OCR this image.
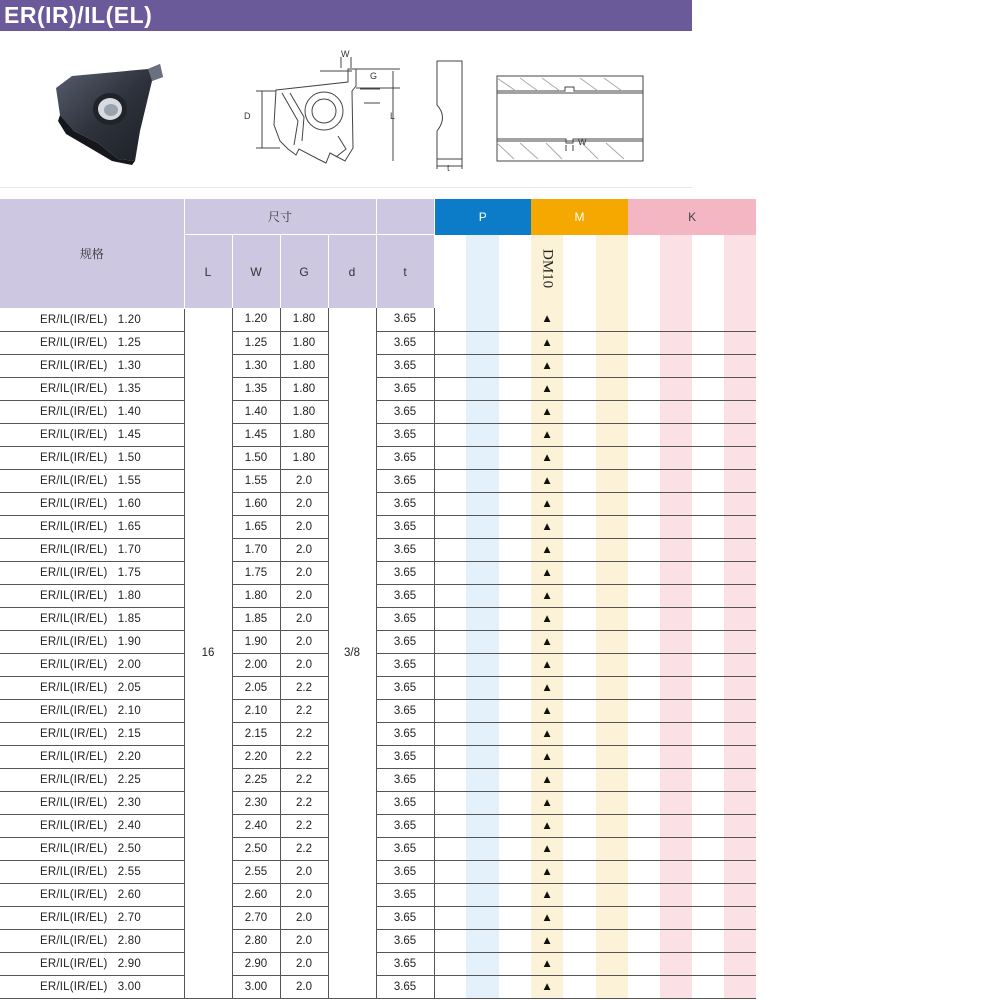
ER(IR)/IL(EL)
W
G
D	L
t
W
规格	尺寸					P			M			K			
	L	W	G	d	t				DM10						
ER/IL(IR/EL)   1.20	16	1.20	1.80	3/8	3.65				▲						
ER/IL(IR/EL)   1.25		1.25	1.80		3.65				▲						
ER/IL(IR/EL)   1.30		1.30	1.80		3.65				▲						
ER/IL(IR/EL)   1.35		1.35	1.80		3.65				▲						
ER/IL(IR/EL)   1.40		1.40	1.80		3.65				▲						
ER/IL(IR/EL)   1.45		1.45	1.80		3.65				▲						
ER/IL(IR/EL)   1.50		1.50	1.80		3.65				▲						
ER/IL(IR/EL)   1.55		1.55	2.0		3.65				▲						
ER/IL(IR/EL)   1.60		1.60	2.0		3.65				▲						
ER/IL(IR/EL)   1.65		1.65	2.0		3.65				▲						
ER/IL(IR/EL)   1.70		1.70	2.0		3.65				▲						
ER/IL(IR/EL)   1.75		1.75	2.0		3.65				▲						
ER/IL(IR/EL)   1.80		1.80	2.0		3.65				▲						
ER/IL(IR/EL)   1.85		1.85	2.0		3.65				▲						
ER/IL(IR/EL)   1.90		1.90	2.0		3.65				▲						
ER/IL(IR/EL)   2.00		2.00	2.0		3.65				▲						
ER/IL(IR/EL)   2.05		2.05	2.2		3.65				▲						
ER/IL(IR/EL)   2.10		2.10	2.2		3.65				▲						
ER/IL(IR/EL)   2.15		2.15	2.2		3.65				▲						
ER/IL(IR/EL)   2.20		2.20	2.2		3.65				▲						
ER/IL(IR/EL)   2.25		2.25	2.2		3.65				▲						
ER/IL(IR/EL)   2.30		2.30	2.2		3.65				▲						
ER/IL(IR/EL)   2.40		2.40	2.2		3.65				▲						
ER/IL(IR/EL)   2.50		2.50	2.2		3.65				▲						
ER/IL(IR/EL)   2.55		2.55	2.0		3.65				▲						
ER/IL(IR/EL)   2.60		2.60	2.0		3.65				▲						
ER/IL(IR/EL)   2.70		2.70	2.0		3.65				▲						
ER/IL(IR/EL)   2.80		2.80	2.0		3.65				▲						
ER/IL(IR/EL)   2.90		2.90	2.0		3.65				▲						
ER/IL(IR/EL)   3.00		3.00	2.0		3.65				▲						
